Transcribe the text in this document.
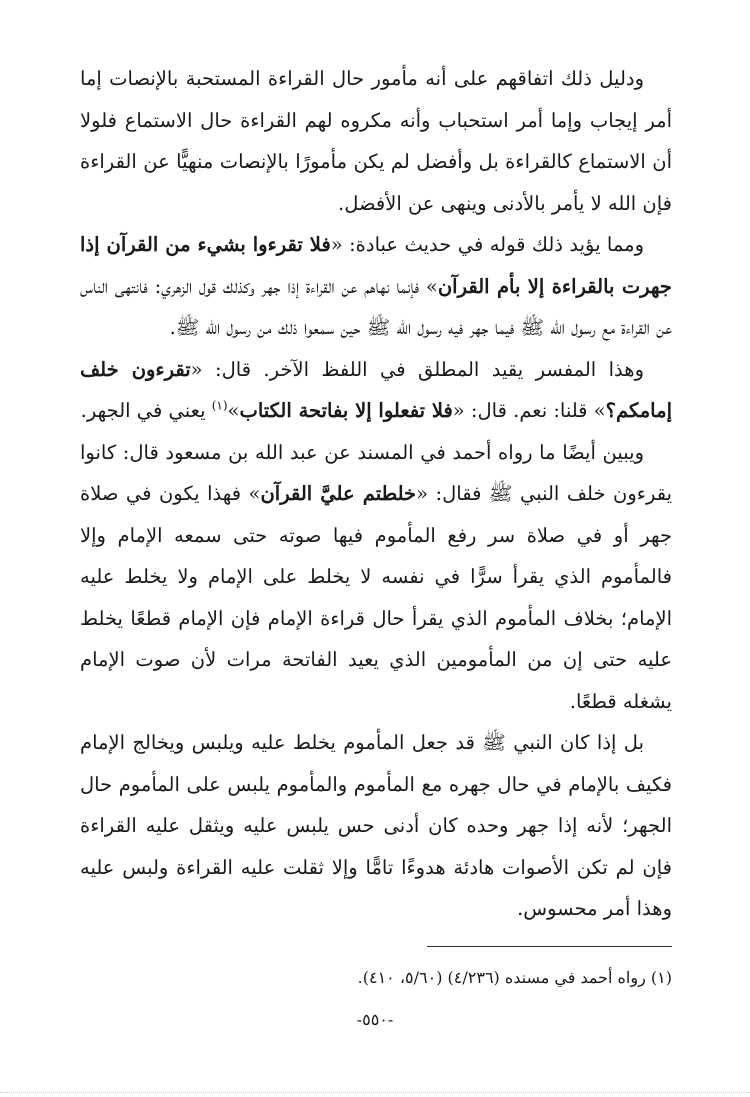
ودليل ذلك اتفاقهم على أنه مأمور حال القراءة المستحبة بالإنصات إما أمر إيجاب وإما أمر استحباب وأنه مكروه لهم القراءة حال الاستماع فلولا أن الاستماع كالقراءة بل وأفضل لم يكن مأمورًا بالإنصات منهيًّا عن القراءة فإن الله لا يأمر بالأدنى وينهى عن الأفضل.

ومما يؤيد ذلك قوله في حديث عبادة: «فلا تقرءوا بشيء من القرآن إذا جهرت بالقراءة إلا بأم القرآن» فإنما نهاهم عن القراءة إذا جهر وكذلك قول الزهري: فانتهى الناس عن القراءة مع رسول الله ﷺ فيما جهر فيه رسول الله ﷺ حين سمعوا ذلك من رسول الله ﷺ.

وهذا المفسر يقيد المطلق في اللفظ الآخر. قال: «تقرءون خلف إمامكم؟» قلنا: نعم. قال: «فلا تفعلوا إلا بفاتحة الكتاب»$^{(١)}$ يعني في الجهر.

ويبين أيضًا ما رواه أحمد في المسند عن عبد الله بن مسعود قال: كانوا يقرءون خلف النبي ﷺ فقال: «خلطتم عليَّ القرآن» فهذا يكون في صلاة جهر أو في صلاة سر رفع المأموم فيها صوته حتى سمعه الإمام وإلا فالمأموم الذي يقرأ سرًّا في نفسه لا يخلط على الإمام ولا يخلط عليه الإمام؛ بخلاف المأموم الذي يقرأ حال قراءة الإمام فإن الإمام قطعًا يخلط عليه حتى إن من المأمومين الذي يعيد الفاتحة مرات لأن صوت الإمام يشغله قطعًا.

بل إذا كان النبي ﷺ قد جعل المأموم يخلط عليه ويلبس ويخالج الإمام فكيف بالإمام في حال جهره مع المأموم والمأموم يلبس على المأموم حال الجهر؛ لأنه إذا جهر وحده كان أدنى حس يلبس عليه ويثقل عليه القراءة فإن لم تكن الأصوات هادئة هدوءًا تامًّا وإلا ثقلت عليه القراءة ولبس عليه وهذا أمر محسوس.

(١) رواه أحمد في مسنده (٤/٢٣٦) (٥/٦٠، ٤١٠).

-٥٥٠-
